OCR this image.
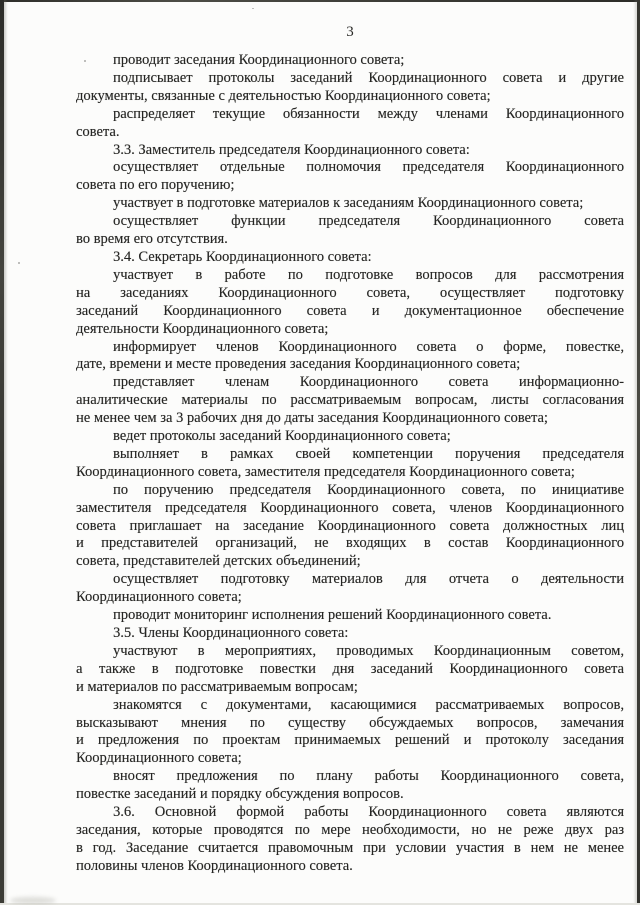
3
проводит заседания Координационного совета;
подписывает протоколы заседаний Координационного совета и другие
документы, связанные с деятельностью Координационного совета;
распределяет текущие обязанности между членами Координационного
совета.
3.3. Заместитель председателя Координационного совета:
осуществляет отдельные полномочия председателя Координационного
совета по его поручению;
участвует в подготовке материалов к заседаниям Координационного совета;
осуществляет функции председателя Координационного совета
во время его отсутствия.
3.4. Секретарь Координационного совета:
участвует в работе по подготовке вопросов для рассмотрения
на заседаниях Координационного совета, осуществляет подготовку
заседаний Координационного совета и документационное обеспечение
деятельности Координационного совета;
информирует членов Координационного совета о форме, повестке,
дате, времени и месте проведения заседания Координационного совета;
представляет членам Координационного совета информационно-
аналитические материалы по рассматриваемым вопросам, листы согласования
не менее чем за 3 рабочих дня до даты заседания Координационного совета;
ведет протоколы заседаний Координационного совета;
выполняет в рамках своей компетенции поручения председателя
Координационного совета, заместителя председателя Координационного совета;
по поручению председателя Координационного совета, по инициативе
заместителя председателя Координационного совета, членов Координационного
совета приглашает на заседание Координационного совета должностных лиц
и представителей организаций, не входящих в состав Координационного
совета, представителей детских объединений;
осуществляет подготовку материалов для отчета о деятельности
Координационного совета;
проводит мониторинг исполнения решений Координационного совета.
3.5. Члены Координационного совета:
участвуют в мероприятиях, проводимых Координационным советом,
а также в подготовке повестки дня заседаний Координационного совета
и материалов по рассматриваемым вопросам;
знакомятся с документами, касающимися рассматриваемых вопросов,
высказывают мнения по существу обсуждаемых вопросов, замечания
и предложения по проектам принимаемых решений и протоколу заседания
Координационного совета;
вносят предложения по плану работы Координационного совета,
повестке заседаний и порядку обсуждения вопросов.
3.6. Основной формой работы Координационного совета являются
заседания, которые проводятся по мере необходимости, но не реже двух раз
в год. Заседание считается правомочным при условии участия в нем не менее
половины членов Координационного совета.
